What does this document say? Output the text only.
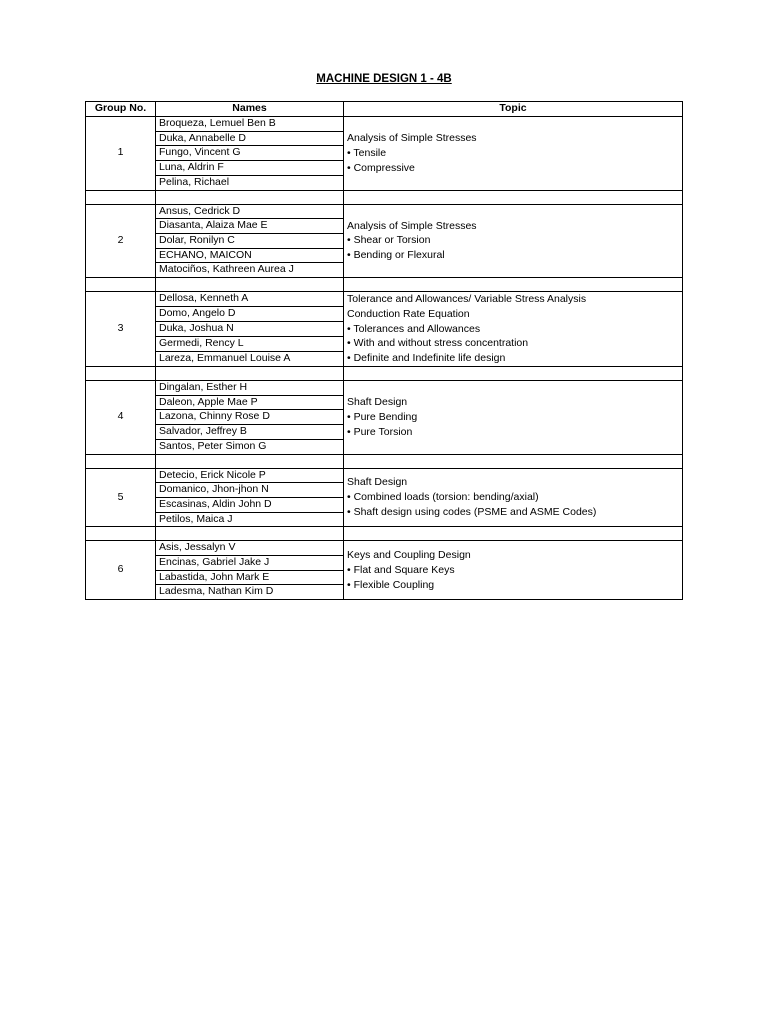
MACHINE DESIGN 1 - 4B
Group No.	Names	Topic
1	Broqueza, Lemuel Ben B	Analysis of Simple Stresses
• Tensile
• Compressive

	Duka, Annabelle D	
	Fungo, Vincent G	
	Luna, Aldrin F	
	Pelina, Richael	

2	Ansus, Cedrick D	Analysis of Simple Stresses
• Shear or Torsion
• Bending or Flexural

	Diasanta, Alaiza Mae E	
	Dolar, Ronilyn C	
	ECHANO, MAICON	
	Matociños, Kathreen Aurea J	

3	Dellosa, Kenneth A	Tolerance and Allowances/ Variable Stress Analysis
Conduction Rate Equation
• Tolerances and Allowances
• With and without stress concentration
• Definite and Indefinite life design

	Domo, Angelo D	
	Duka, Joshua N	
	Germedi, Rency L	
	Lareza, Emmanuel Louise A	

4	Dingalan, Esther H	Shaft Design
• Pure Bending
• Pure Torsion

	Daleon, Apple Mae P	
	Lazona, Chinny Rose D	
	Salvador, Jeffrey B	
	Santos, Peter Simon G	

5	Detecio, Erick Nicole P	Shaft Design
• Combined loads (torsion: bending/axial)
• Shaft design using codes (PSME and ASME Codes)

	Domanico, Jhon-jhon N	
	Escasinas, Aldin John D	
	Petilos, Maica J	

6	Asis, Jessalyn V	Keys and Coupling Design
• Flat and Square Keys
• Flexible Coupling

	Encinas, Gabriel Jake J	
	Labastida, John Mark E	
	Ladesma, Nathan Kim D	
